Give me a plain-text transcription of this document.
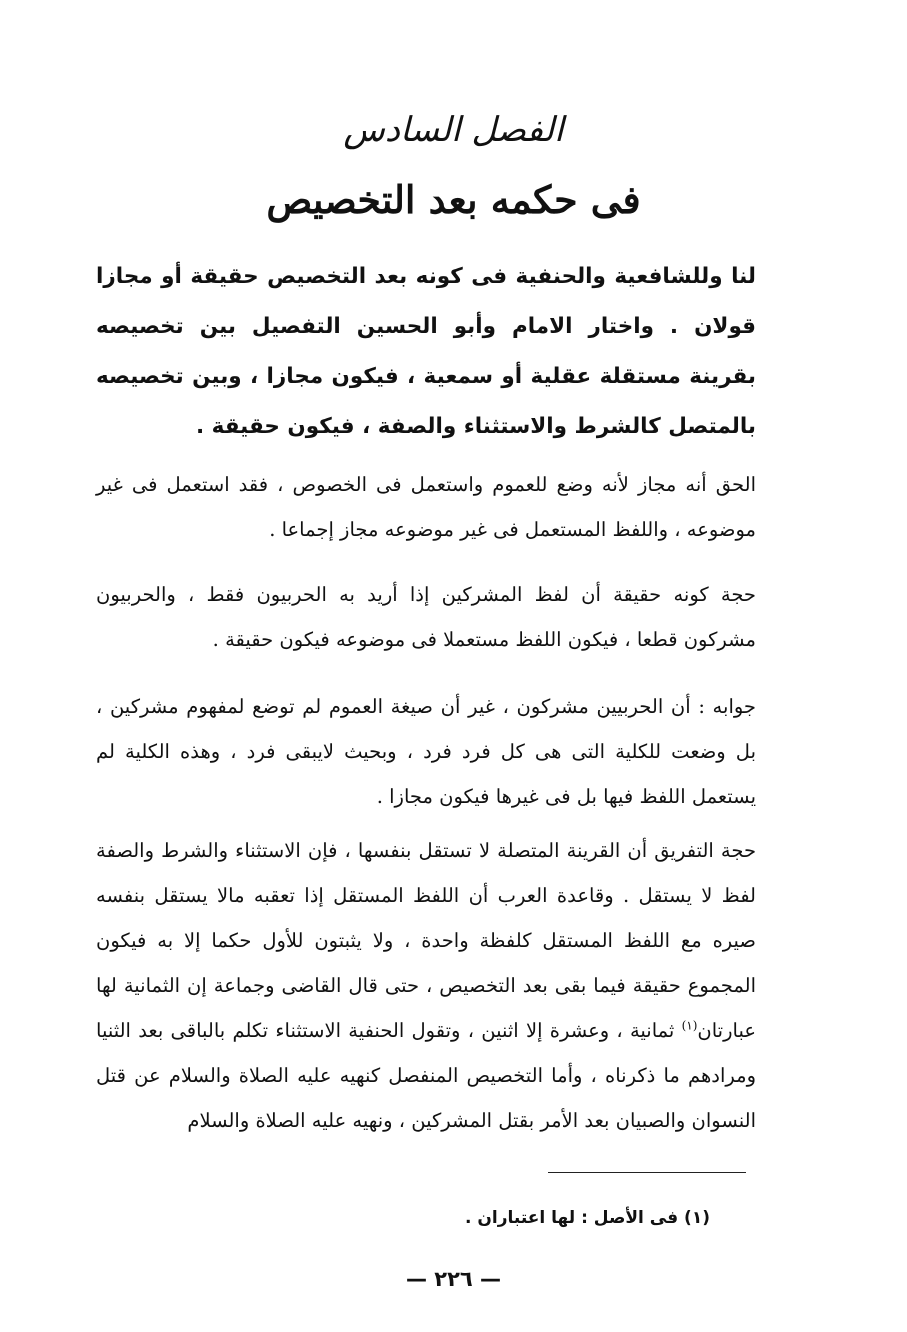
الفصل السادس
فى حكمه بعد التخصيص

لنا وللشافعية والحنفية فى كونه بعد التخصيص حقيقة أو مجازا قولان . واختار الامام وأبو الحسين التفصيل بين تخصيصه بقرينة مستقلة عقلية أو سمعية ، فيكون مجازا ، وبين تخصيصه بالمتصل كالشرط والاستثناء والصفة ، فيكون حقيقة .

الحق أنه مجاز لأنه وضع للعموم واستعمل فى الخصوص ، فقد استعمل فى غير موضوعه ، واللفظ المستعمل فى غير موضوعه مجاز إجماعا .

حجة كونه حقيقة أن لفظ المشركين إذا أريد به الحربيون فقط ، والحربيون مشركون قطعا ، فيكون اللفظ مستعملا فى موضوعه فيكون حقيقة .

جوابه : أن الحربيين مشركون ، غير أن صيغة العموم لم توضع لمفهوم مشركين ، بل وضعت للكلية التى هى كل فرد فرد ، وبحيث لايبقى فرد ، وهذه الكلية لم يستعمل اللفظ فيها بل فى غيرها فيكون مجازا .

حجة التفريق أن القرينة المتصلة لا تستقل بنفسها ، فإن الاستثناء والشرط والصفة لفظ لا يستقل . وقاعدة العرب أن اللفظ المستقل إذا تعقبه مالا يستقل بنفسه صيره مع اللفظ المستقل كلفظة واحدة ، ولا يثبتون للأول حكما إلا به فيكون المجموع حقيقة فيما بقى بعد التخصيص ، حتى قال القاضى وجماعة إن الثمانية لها عبارتان$^{(١)}$ ثمانية ، وعشرة إلا اثنين ، وتقول الحنفية الاستثناء تكلم بالباقى بعد الثنيا ومرادهم ما ذكرناه ، وأما التخصيص المنفصل كنهيه عليه الصلاة والسلام عن قتل النسوان والصبيان بعد الأمر بقتل المشركين ، ونهيه عليه الصلاة والسلام

(١) فى الأصل : لها اعتباران .
— ٢٢٦ —
